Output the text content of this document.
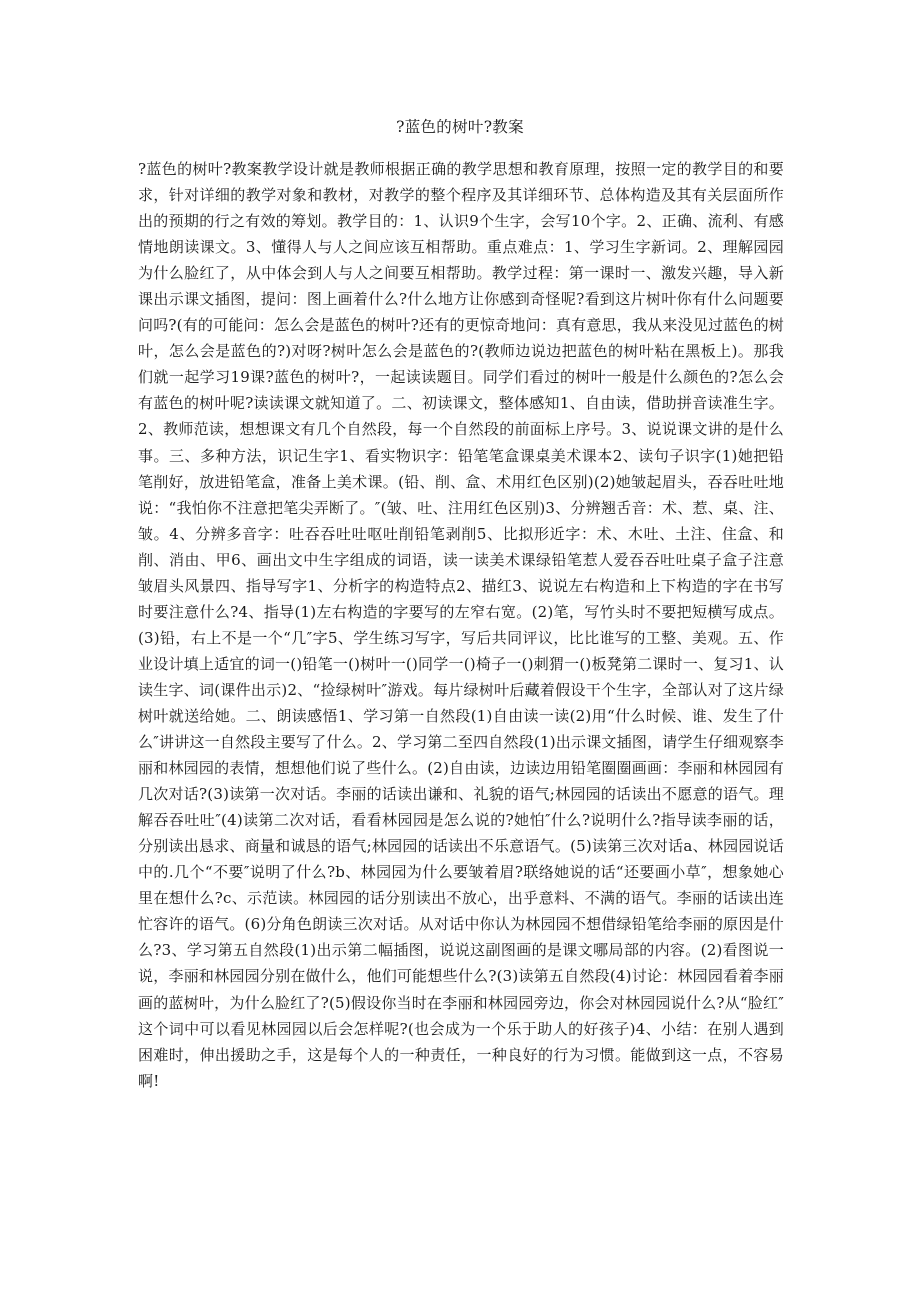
?蓝色的树叶?教案
?蓝色的树叶?教案教学设计就是教师根据正确的教学思想和教育原理，按照一定的教学目的和要求，针对详细的教学对象和教材，对教学的整个程序及其详细环节、总体构造及其有关层面所作出的预期的行之有效的筹划。教学目的：1、认识9个生字，会写10个字。2、正确、流利、有感情地朗读课文。3、懂得人与人之间应该互相帮助。重点难点：1、学习生字新词。2、理解园园为什么脸红了，从中体会到人与人之间要互相帮助。教学过程：第一课时一、激发兴趣，导入新课出示课文插图，提问：图上画着什么?什么地方让你感到奇怪呢?看到这片树叶你有什么问题要问吗?(有的可能问：怎么会是蓝色的树叶?还有的更惊奇地问：真有意思，我从来没见过蓝色的树叶，怎么会是蓝色的?)对呀?树叶怎么会是蓝色的?(教师边说边把蓝色的树叶粘在黑板上)。那我们就一起学习19课?蓝色的树叶?，一起读读题目。同学们看过的树叶一般是什么颜色的?怎么会有蓝色的树叶呢?读读课文就知道了。二、初读课文，整体感知1、自由读，借助拼音读准生字。2、教师范读，想想课文有几个自然段，每一个自然段的前面标上序号。3、说说课文讲的是什么事。三、多种方法，识记生字1、看实物识字：铅笔笔盒课桌美术课本2、读句子识字(1)她把铅笔削好，放进铅笔盒，准备上美术课。(铅、削、盒、术用红色区别)(2)她皱起眉头，吞吞吐吐地说：“我怕你不注意把笔尖弄断了。″(皱、吐、注用红色区别)3、分辨翘舌音：术、惹、桌、注、皱。4、分辨多音字：吐吞吞吐吐呕吐削铅笔剥削5、比拟形近字：术、木吐、土注、住盒、和削、消由、甲6、画出文中生字组成的词语，读一读美术课绿铅笔惹人爱吞吞吐吐桌子盒子注意皱眉头风景四、指导写字1、分析字的构造特点2、描红3、说说左右构造和上下构造的字在书写时要注意什么?4、指导(1)左右构造的字要写的左窄右宽。(2)笔，写竹头时不要把短横写成点。(3)铅，右上不是一个“几″字5、学生练习写字，写后共同评议，比比谁写的工整、美观。五、作业设计填上适宜的词一()铅笔一()树叶一()同学一()椅子一()刺猬一()板凳第二课时一、复习1、认读生字、词(课件出示)2、“捡绿树叶″游戏。每片绿树叶后藏着假设干个生字，全部认对了这片绿树叶就送给她。二、朗读感悟1、学习第一自然段(1)自由读一读(2)用“什么时候、谁、发生了什么″讲讲这一自然段主要写了什么。2、学习第二至四自然段(1)出示课文插图，请学生仔细观察李丽和林园园的表情，想想他们说了些什么。(2)自由读，边读边用铅笔圈圈画画：李丽和林园园有几次对话?(3)读第一次对话。李丽的话读出谦和、礼貌的语气;林园园的话读出不愿意的语气。理解吞吞吐吐″(4)读第二次对话，看看林园园是怎么说的?她怕″什么?说明什么?指导读李丽的话，分别读出恳求、商量和诚恳的语气;林园园的话读出不乐意语气。(5)读第三次对话a、林园园说话中的.几个“不要″说明了什么?b、林园园为什么要皱着眉?联络她说的话“还要画小草″，想象她心里在想什么?c、示范读。林园园的话分别读出不放心，出乎意料、不满的语气。李丽的话读出连忙容许的语气。(6)分角色朗读三次对话。从对话中你认为林园园不想借绿铅笔给李丽的原因是什么?3、学习第五自然段(1)出示第二幅插图，说说这副图画的是课文哪局部的内容。(2)看图说一说，李丽和林园园分别在做什么，他们可能想些什么?(3)读第五自然段(4)讨论：林园园看着李丽画的蓝树叶，为什么脸红了?(5)假设你当时在李丽和林园园旁边，你会对林园园说什么?从“脸红″这个词中可以看见林园园以后会怎样呢?(也会成为一个乐于助人的好孩子)4、小结：在别人遇到困难时，伸出援助之手，这是每个人的一种责任，一种良好的行为习惯。能做到这一点，不容易啊!
